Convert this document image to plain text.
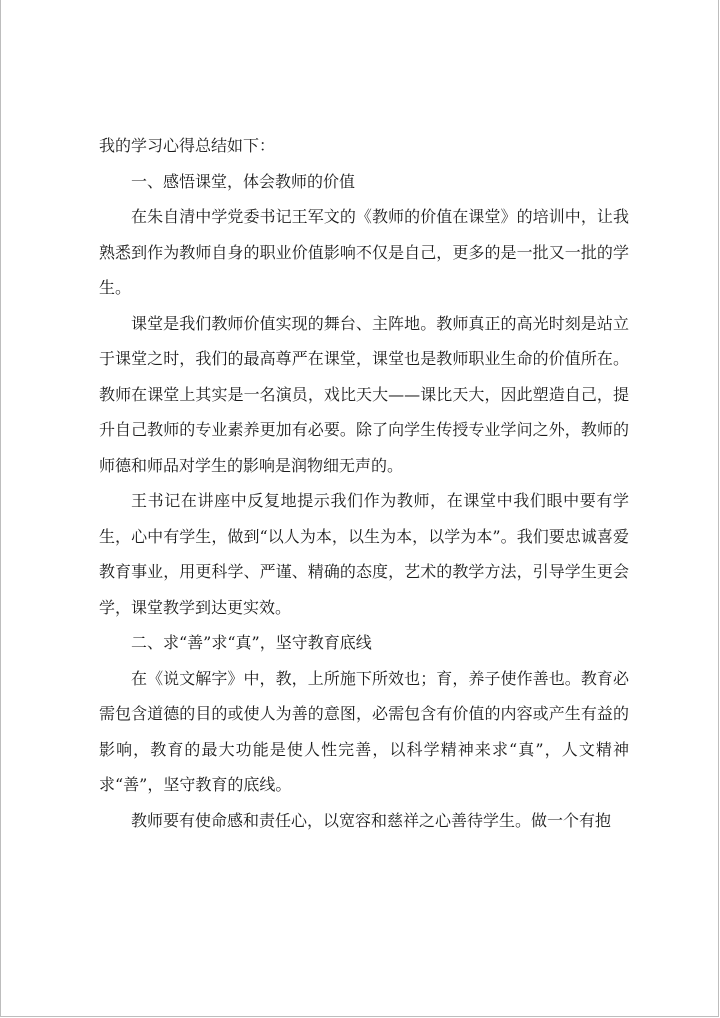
我的学习心得总结如下：

一、感悟课堂，体会教师的价值

在朱自清中学党委书记王军文的《教师的价值在课堂》的培训中，让我熟悉到作为教师自身的职业价值影响不仅是自己，更多的是一批又一批的学生。

课堂是我们教师价值实现的舞台、主阵地。教师真正的高光时刻是站立于课堂之时，我们的最高尊严在课堂，课堂也是教师职业生命的价值所在。教师在课堂上其实是一名演员，戏比天大——课比天大，因此塑造自己，提升自己教师的专业素养更加有必要。除了向学生传授专业学问之外，教师的师德和师品对学生的影响是润物细无声的。

王书记在讲座中反复地提示我们作为教师，在课堂中我们眼中要有学生，心中有学生，做到“以人为本，以生为本，以学为本”。我们要忠诚喜爱教育事业，用更科学、严谨、精确的态度，艺术的教学方法，引导学生更会学，课堂教学到达更实效。

二、求“善”求“真”，坚守教育底线

在《说文解字》中，教，上所施下所效也；育，养子使作善也。教育必需包含道德的目的或使人为善的意图，必需包含有价值的内容或产生有益的影响，教育的最大功能是使人性完善，以科学精神来求“真”，人文精神求“善”，坚守教育的底线。

教师要有使命感和责任心，以宽容和慈祥之心善待学生。做一个有抱
